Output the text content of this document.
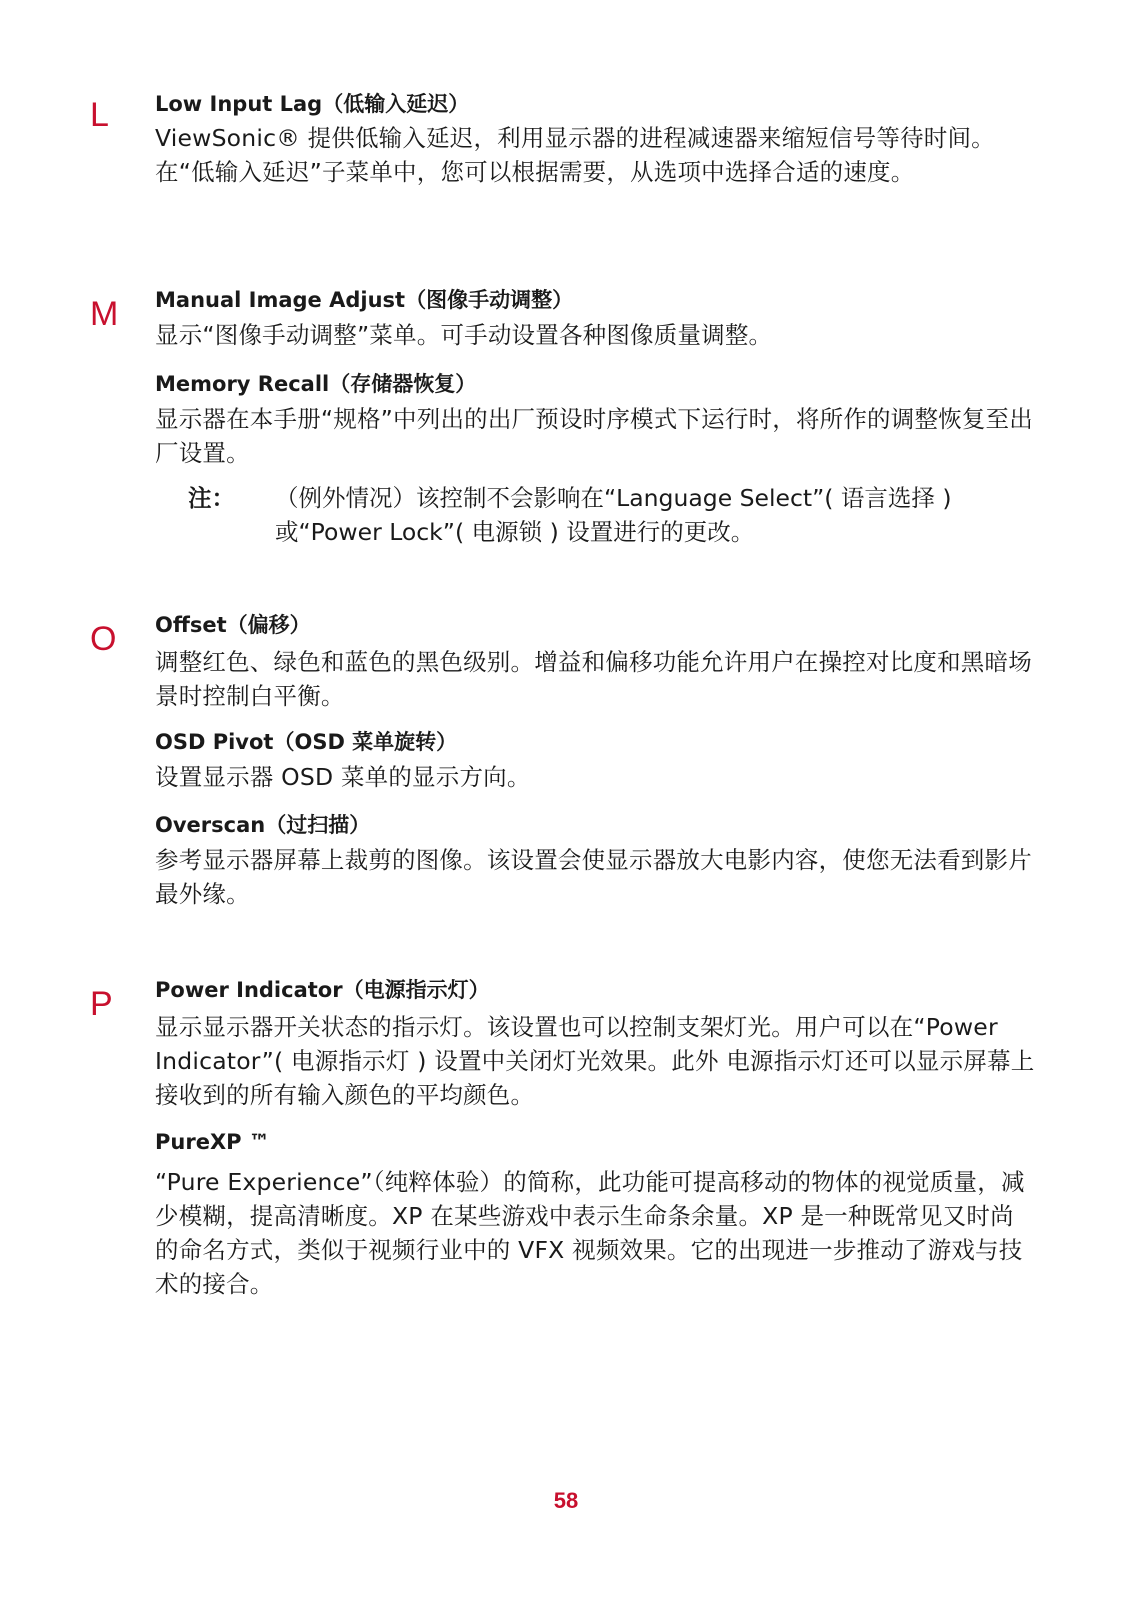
L Low Input Lag（低输入延迟）
ViewSonic® 提供低输入延迟，利用显示器的进程减速器来缩短信号等待时间。在“低输入延迟”子菜单中，您可以根据需要，从选项中选择合适的速度。
M Manual Image Adjust（图像手动调整）
显示“图像手动调整”菜单。可手动设置各种图像质量调整。
Memory Recall（存储器恢复）
显示器在本手册“规格”中列出的出厂预设时序模式下运行时，将所作的调整恢复至出厂设置。
注： （例外情况）该控制不会影响在“Language Select”( 语言选择 ) 或“Power Lock”( 电源锁 ) 设置进行的更改。
O Offset（偏移）
调整红色、绿色和蓝色的黑色级别。增益和偏移功能允许用户在操控对比度和黑暗场景时控制白平衡。
OSD Pivot（OSD 菜单旋转）
设置显示器 OSD 菜单的显示方向。
Overscan（过扫描）
参考显示器屏幕上裁剪的图像。该设置会使显示器放大电影内容，使您无法看到影片最外缘。
P Power Indicator（电源指示灯）
显示显示器开关状态的指示灯。该设置也可以控制支架灯光。用户可以在“Power Indicator”( 电源指示灯 ) 设置中关闭灯光效果。此外 电源指示灯还可以显示屏幕上接收到的所有输入颜色的平均颜色。
PureXP ™
“Pure Experience”（纯粹体验）的简称，此功能可提高移动的物体的视觉质量，减少模糊，提高清晰度。XP 在某些游戏中表示生命条余量。XP 是一种既常见又时尚的命名方式，类似于视频行业中的 VFX 视频效果。它的出现进一步推动了游戏与技术的接合。
58
